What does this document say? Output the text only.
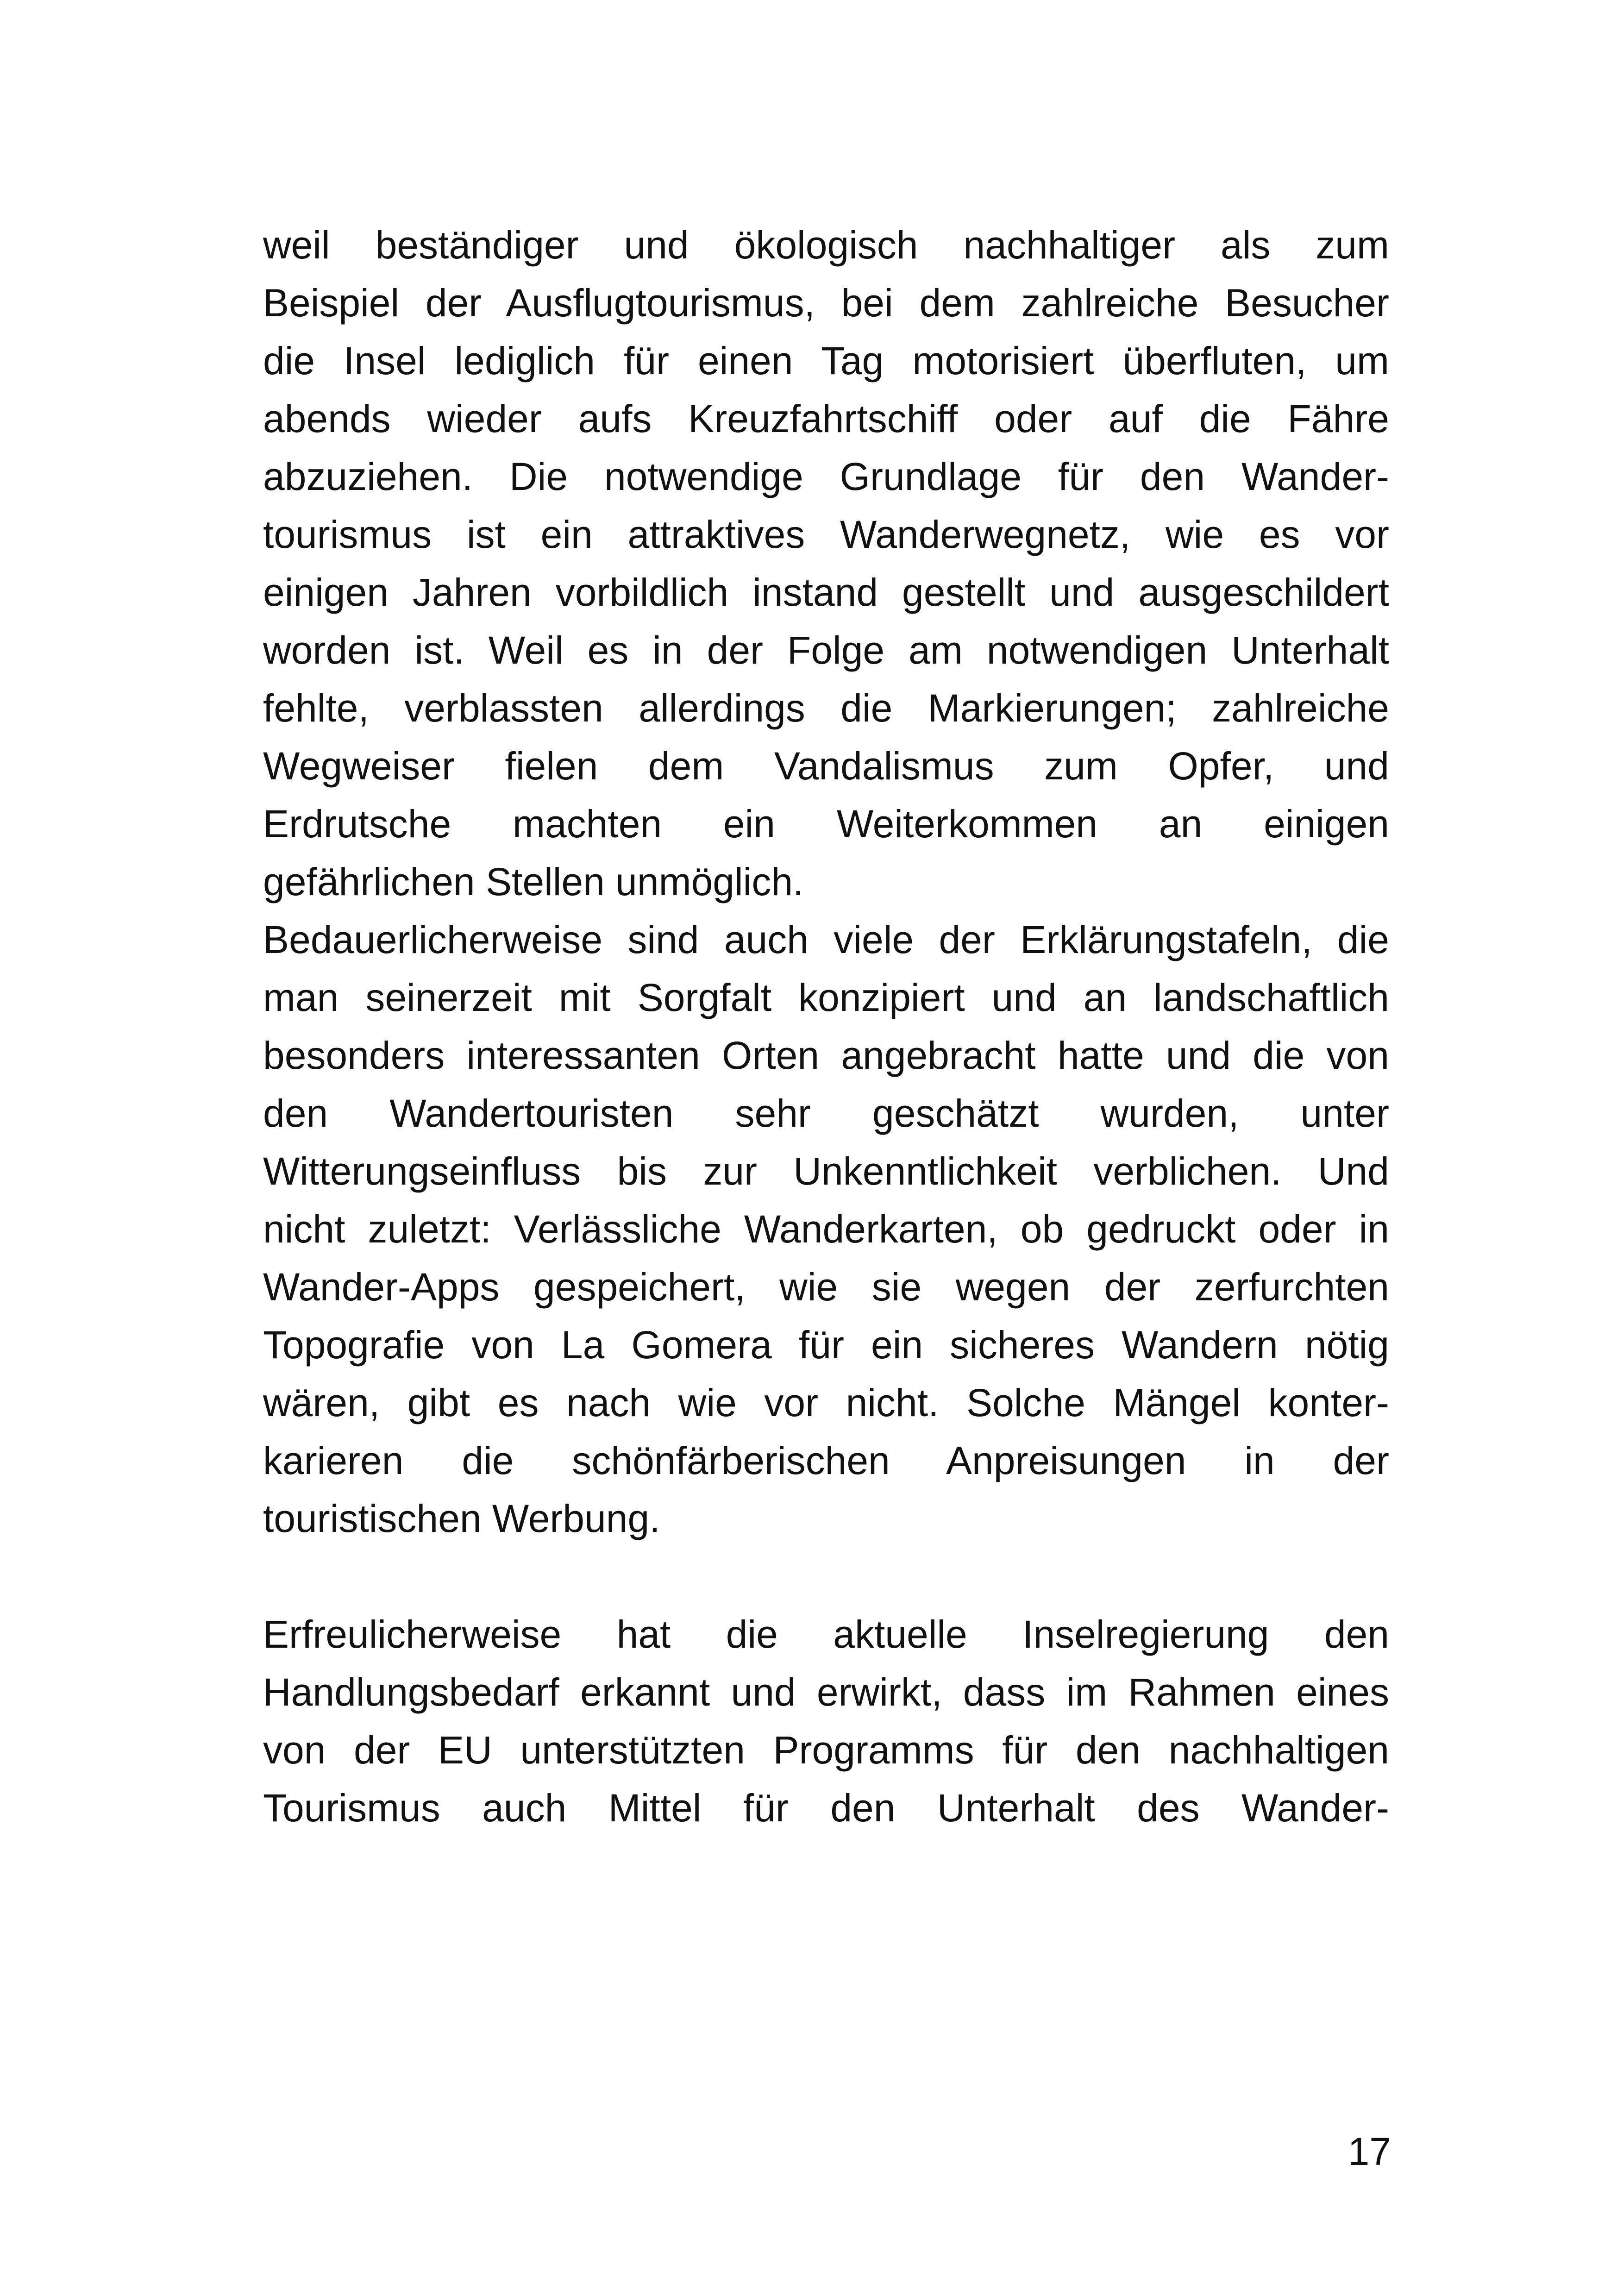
weil beständiger und ökologisch nachhaltiger als zum
Beispiel der Ausflugtourismus, bei dem zahlreiche Besucher
die Insel lediglich für einen Tag motorisiert überfluten, um
abends wieder aufs Kreuzfahrtschiff oder auf die Fähre
abzuziehen. Die notwendige Grundlage für den Wander-
tourismus ist ein attraktives Wanderwegnetz, wie es vor
einigen Jahren vorbildlich instand gestellt und ausgeschildert
worden ist. Weil es in der Folge am notwendigen Unterhalt
fehlte, verblassten allerdings die Markierungen; zahlreiche
Wegweiser fielen dem Vandalismus zum Opfer, und
Erdrutsche machten ein Weiterkommen an einigen
gefährlichen Stellen unmöglich.
Bedauerlicherweise sind auch viele der Erklärungstafeln, die
man seinerzeit mit Sorgfalt konzipiert und an landschaftlich
besonders interessanten Orten angebracht hatte und die von
den Wandertouristen sehr geschätzt wurden, unter
Witterungseinfluss bis zur Unkenntlichkeit verblichen. Und
nicht zuletzt: Verlässliche Wanderkarten, ob gedruckt oder in
Wander-Apps gespeichert, wie sie wegen der zerfurchten
Topografie von La Gomera für ein sicheres Wandern nötig
wären, gibt es nach wie vor nicht. Solche Mängel konter-
karieren die schönfärberischen Anpreisungen in der
touristischen Werbung.
Erfreulicherweise hat die aktuelle Inselregierung den
Handlungsbedarf erkannt und erwirkt, dass im Rahmen eines
von der EU unterstützten Programms für den nachhaltigen
Tourismus auch Mittel für den Unterhalt des Wander-
17
